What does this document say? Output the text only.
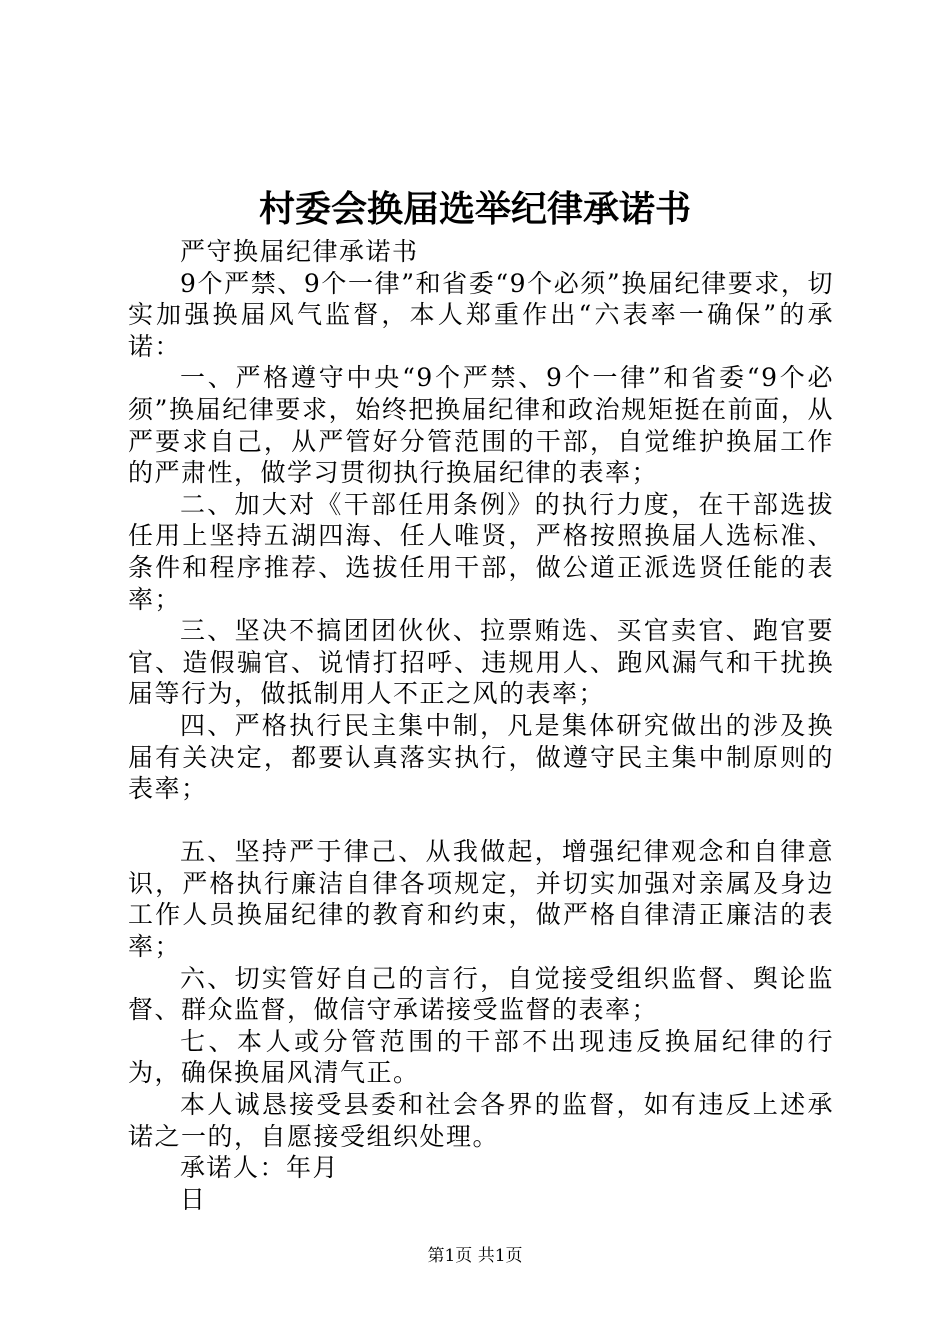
村委会换届选举纪律承诺书

严守换届纪律承诺书

9个严禁、9个一律”和省委“9个必须”换届纪律要求，切实加强换届风气监督，本人郑重作出“六表率一确保”的承诺：

一、严格遵守中央“9个严禁、9个一律”和省委“9个必须”换届纪律要求，始终把换届纪律和政治规矩挺在前面，从严要求自己，从严管好分管范围的干部，自觉维护换届工作的严肃性，做学习贯彻执行换届纪律的表率；

二、加大对《干部任用条例》的执行力度，在干部选拔任用上坚持五湖四海、任人唯贤，严格按照换届人选标准、条件和程序推荐、选拔任用干部，做公道正派选贤任能的表率；

三、坚决不搞团团伙伙、拉票贿选、买官卖官、跑官要官、造假骗官、说情打招呼、违规用人、跑风漏气和干扰换届等行为，做抵制用人不正之风的表率；

四、严格执行民主集中制，凡是集体研究做出的涉及换届有关决定，都要认真落实执行，做遵守民主集中制原则的表率；

五、坚持严于律己、从我做起，增强纪律观念和自律意识，严格执行廉洁自律各项规定，并切实加强对亲属及身边工作人员换届纪律的教育和约束，做严格自律清正廉洁的表率；

六、切实管好自己的言行，自觉接受组织监督、舆论监督、群众监督，做信守承诺接受监督的表率；

七、本人或分管范围的干部不出现违反换届纪律的行为，确保换届风清气正。

本人诚恳接受县委和社会各界的监督，如有违反上述承诺之一的，自愿接受组织处理。

承诺人：年月

日

第1页 共1页
